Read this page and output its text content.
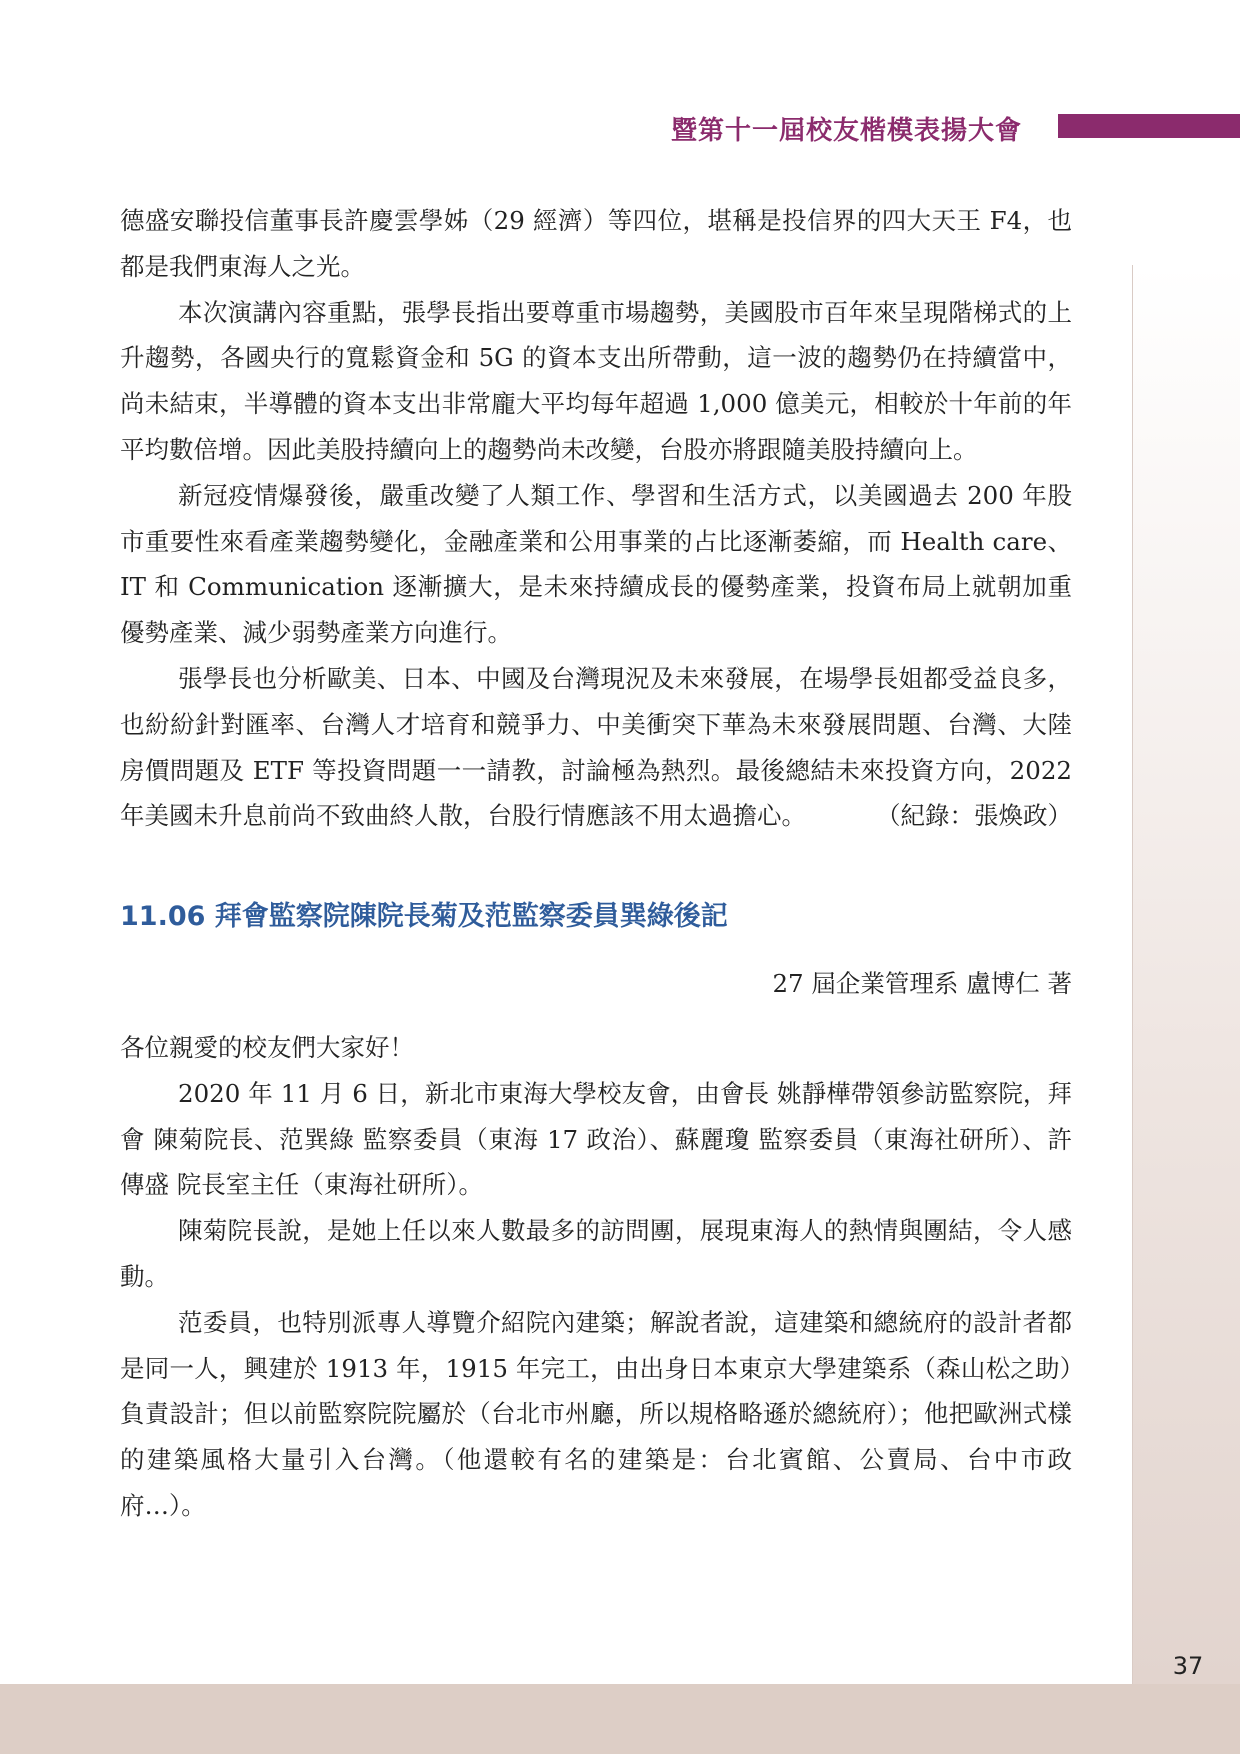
暨第十一屆校友楷模表揚大會

德盛安聯投信董事長許慶雲學姊（29 經濟）等四位，堪稱是投信界的四大天王 F4，也都是我們東海人之光。

本次演講內容重點，張學長指出要尊重市場趨勢，美國股市百年來呈現階梯式的上升趨勢，各國央行的寬鬆資金和 5G 的資本支出所帶動，這一波的趨勢仍在持續當中，尚未結束，半導體的資本支出非常龐大平均每年超過 1,000 億美元，相較於十年前的年平均數倍增。因此美股持續向上的趨勢尚未改變，台股亦將跟隨美股持續向上。

新冠疫情爆發後，嚴重改變了人類工作、學習和生活方式，以美國過去 200 年股市重要性來看產業趨勢變化，金融產業和公用事業的占比逐漸萎縮，而 Health care、IT 和 Communication 逐漸擴大，是未來持續成長的優勢產業，投資布局上就朝加重優勢產業、減少弱勢產業方向進行。

張學長也分析歐美、日本、中國及台灣現況及未來發展，在場學長姐都受益良多，也紛紛針對匯率、台灣人才培育和競爭力、中美衝突下華為未來發展問題、台灣、大陸房價問題及 ETF 等投資問題一一請教，討論極為熱烈。最後總結未來投資方向，2022 年美國未升息前尚不致曲終人散，台股行情應該不用太過擔心。	（紀錄：張煥政）
11.06 拜會監察院陳院長菊及范監察委員巽綠後記

27 屆企業管理系 盧博仁 著

各位親愛的校友們大家好！

2020 年 11 月 6 日，新北市東海大學校友會，由會長 姚靜樺帶領參訪監察院，拜會 陳菊院長、范巽綠 監察委員（東海 17 政治）、蘇麗瓊 監察委員（東海社研所）、許傳盛 院長室主任（東海社研所）。

陳菊院長說，是她上任以來人數最多的訪問團，展現東海人的熱情與團結，令人感動。

范委員，也特別派專人導覽介紹院內建築；解說者說，這建築和總統府的設計者都是同一人，興建於 1913 年，1915 年完工，由出身日本東京大學建築系（森山松之助）負責設計；但以前監察院院屬於（台北市州廳，所以規格略遜於總統府）；他把歐洲式樣的建築風格大量引入台灣。（他還較有名的建築是：台北賓館、公賣局、台中市政府…）。

37
